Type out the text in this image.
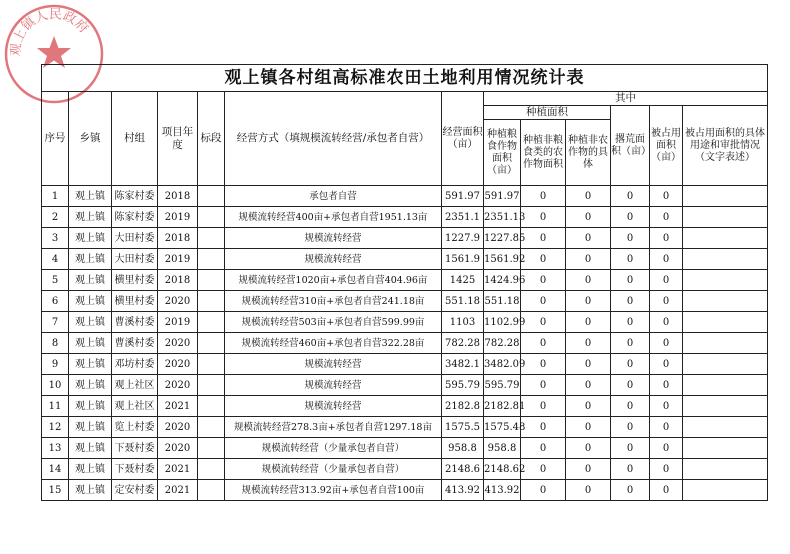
观上镇人民政府
观上镇各村组高标准农田土地利用情况统计表												
序号	乡镇	村组	项目年度	标段	经营方式（填规模流转经营/承包者自营）	经营面积（亩）	其中					
							种植面积			撂荒面积（亩）	被占用面积（亩）	被占用面积的具体用途和审批情况（文字表述）
							种植粮食作物面积（亩）	种植非粮食类的农作物面积	种植非农作物的具体			
1	观上镇	陈家村委	2018		承包者自营	591.97	591.97	0	0	0	0	
2	观上镇	陈家村委	2019		规模流转经营400亩+承包者自营1951.13亩	2351.1	2351.13	0	0	0	0	
3	观上镇	大田村委	2018		规模流转经营	1227.9	1227.85	0	0	0	0	
4	观上镇	大田村委	2019		规模流转经营	1561.9	1561.92	0	0	0	0	
5	观上镇	横里村委	2018		规模流转经营1020亩+承包者自营404.96亩	1425	1424.96	0	0	0	0	
6	观上镇	横里村委	2020		规模流转经营310亩+承包者自营241.18亩	551.18	551.18	0	0	0	0	
7	观上镇	曹溪村委	2019		规模流转经营503亩+承包者自营599.99亩	1103	1102.99	0	0	0	0	
8	观上镇	曹溪村委	2020		规模流转经营460亩+承包者自营322.28亩	782.28	782.28	0	0	0	0	
9	观上镇	邓坊村委	2020		规模流转经营	3482.1	3482.09	0	0	0	0	
10	观上镇	观上社区	2020		规模流转经营	595.79	595.79	0	0	0	0	
11	观上镇	观上社区	2021		规模流转经营	2182.8	2182.81	0	0	0	0	
12	观上镇	览上村委	2020		规模流转经营278.3亩+承包者自营1297.18亩	1575.5	1575.48	0	0	0	0	
13	观上镇	下聂村委	2020		规模流转经营（少量承包者自营）	958.8	958.8	0	0	0	0	
14	观上镇	下聂村委	2021		规模流转经营（少量承包者自营）	2148.6	2148.62	0	0	0	0	
15	观上镇	定安村委	2021		规模流转经营313.92亩+承包者自营100亩	413.92	413.92	0	0	0	0	
